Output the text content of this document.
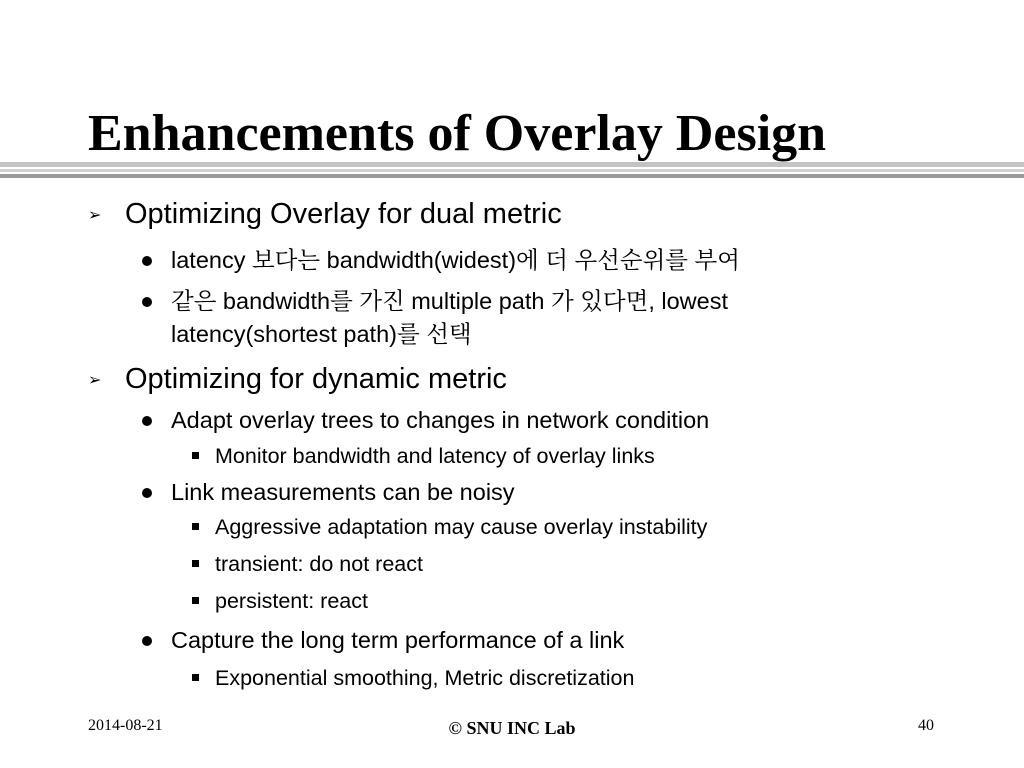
Enhancements of Overlay Design
➢ Optimizing Overlay for dual metric
latency 보다는 bandwidth(widest)에 더 우선순위를 부여
같은 bandwidth를 가진 multiple path 가 있다면, lowest
latency(shortest path)를 선택
➢ Optimizing for dynamic metric
Adapt overlay trees to changes in network condition
Monitor bandwidth and latency of overlay links
Link measurements can be noisy
Aggressive adaptation may cause overlay instability
transient: do not react
persistent: react
Capture the long term performance of a link
Exponential smoothing, Metric discretization
2014-08-21	© SNU INC Lab	40
